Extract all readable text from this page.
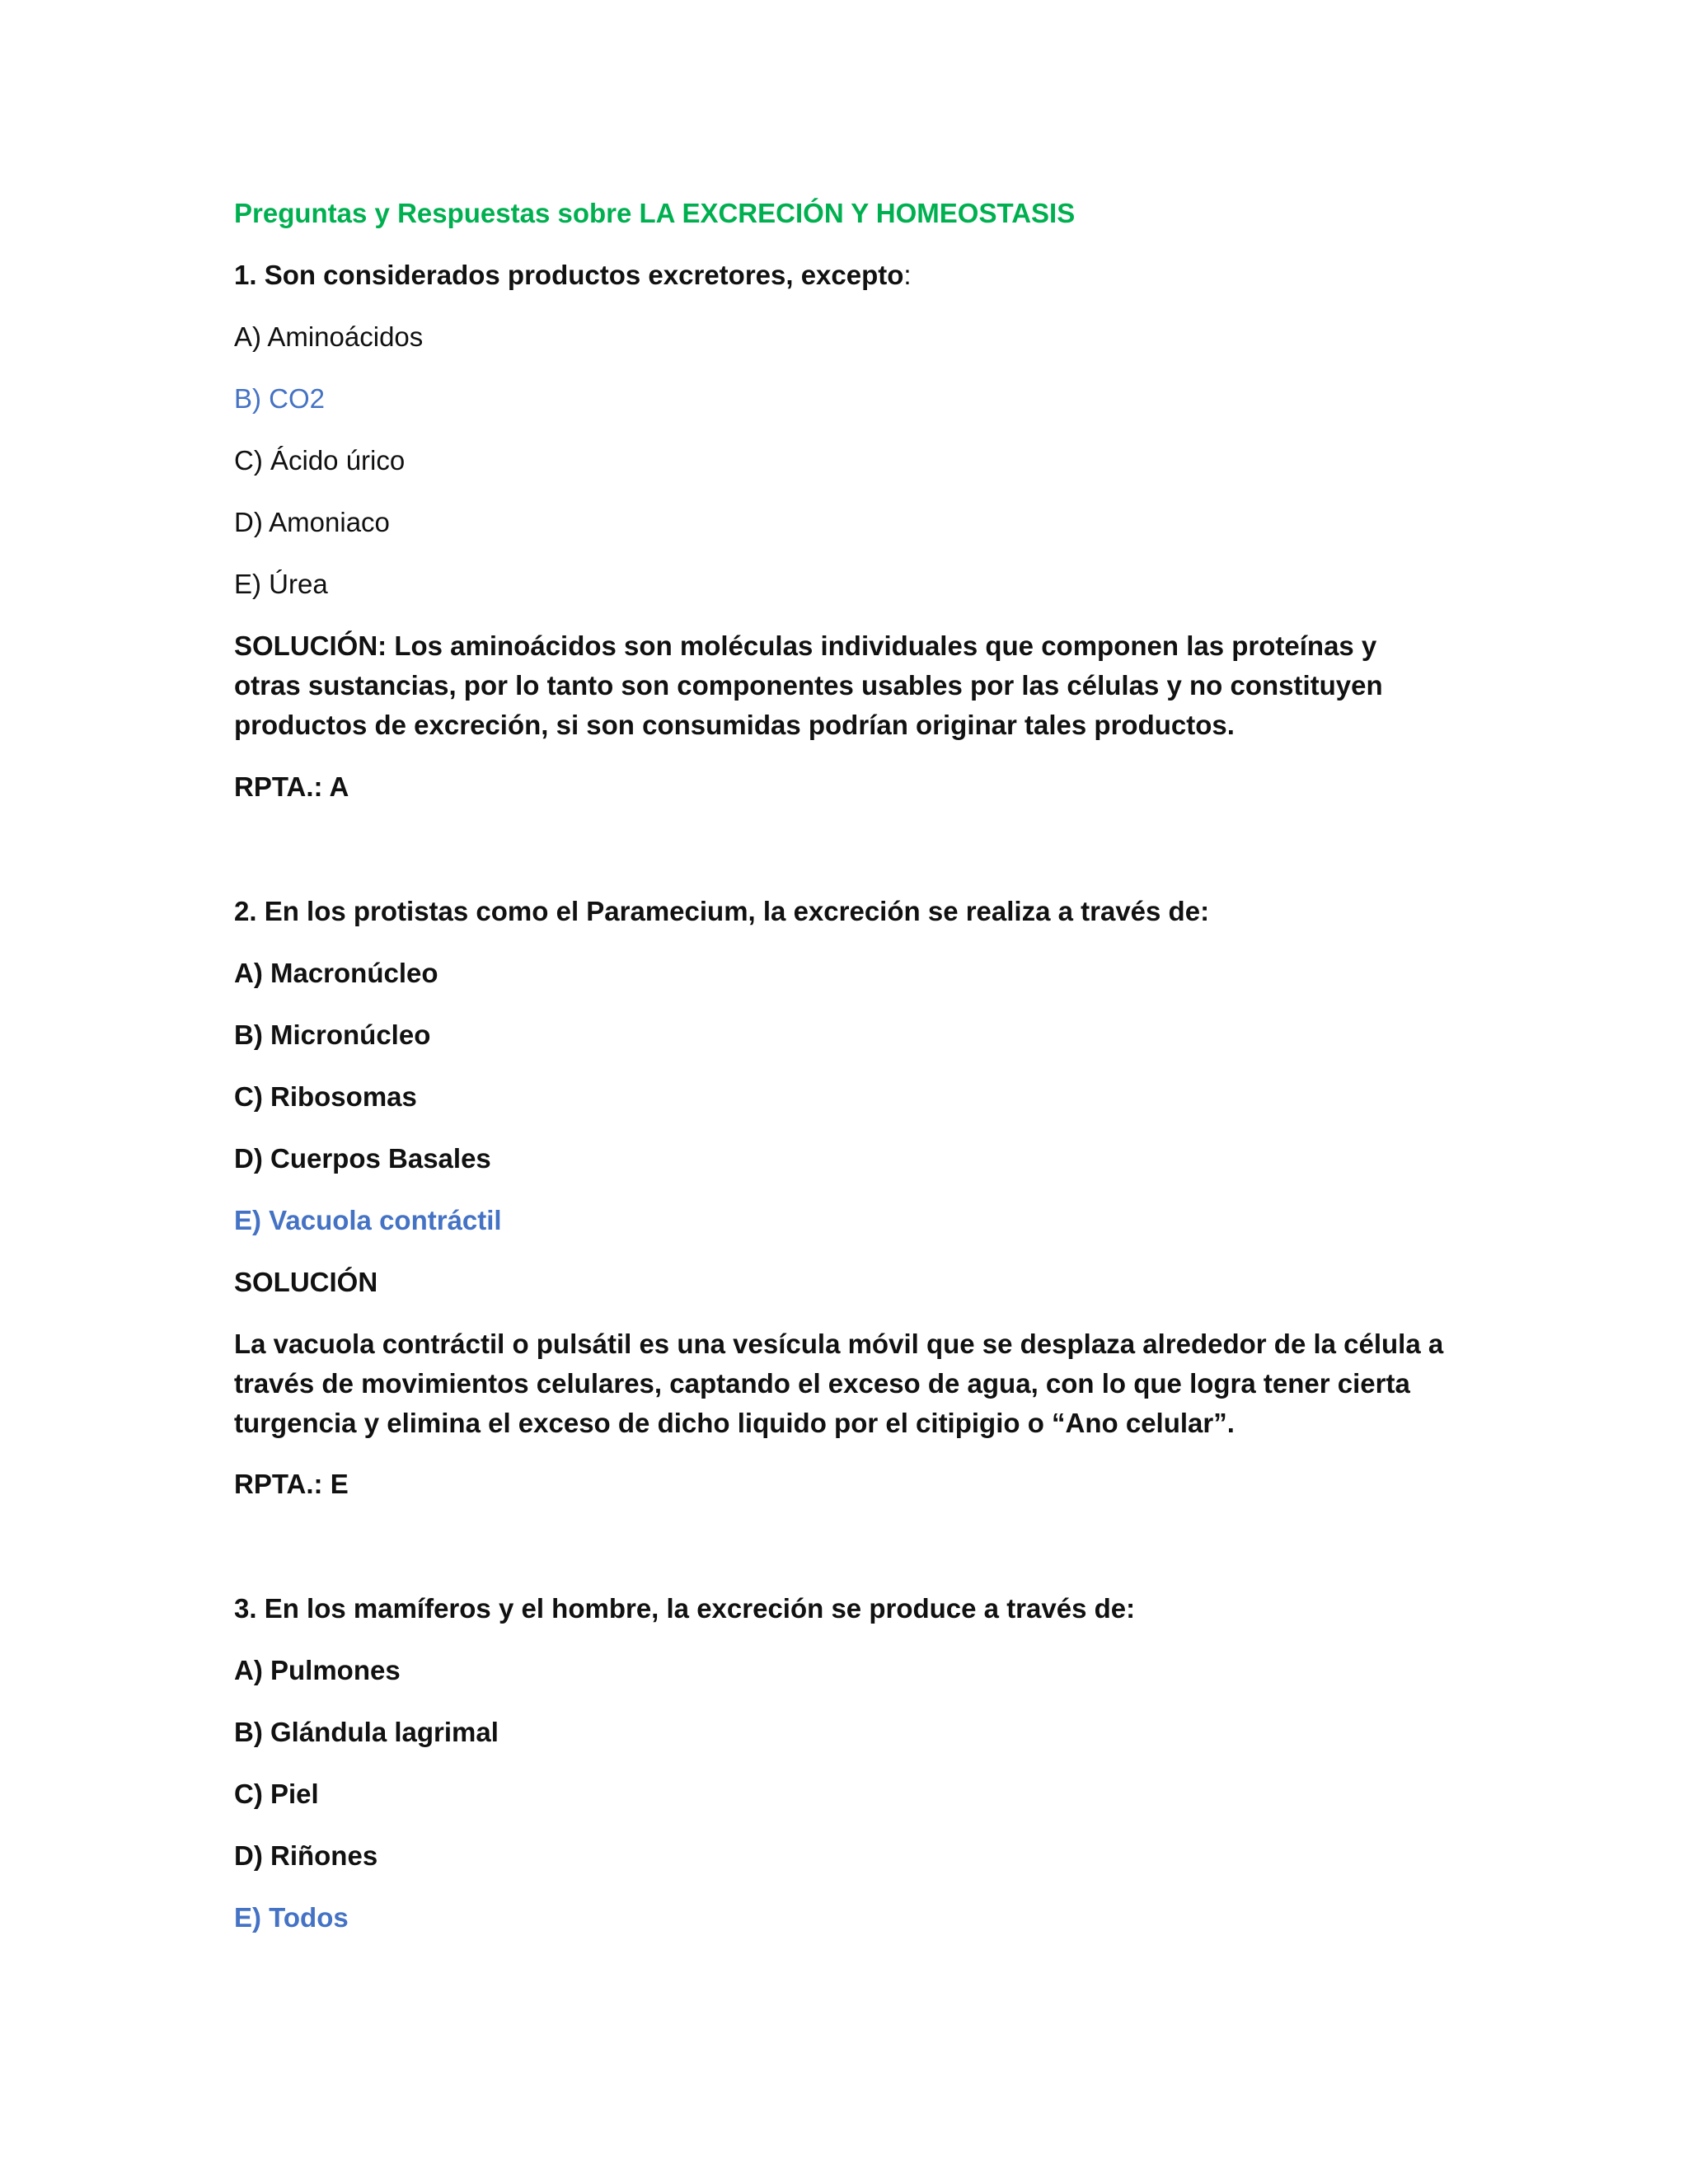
Preguntas y Respuestas sobre LA EXCRECIÓN Y HOMEOSTASIS

1. Son considerados productos excretores, excepto:

A) Aminoácidos

B) CO2

C) Ácido úrico

D) Amoniaco

E) Úrea

SOLUCIÓN: Los aminoácidos son moléculas individuales que componen las proteínas y otras sustancias, por lo tanto son componentes usables por las células y no constituyen productos de excreción, si son consumidas podrían originar tales productos.

RPTA.: A

2. En los protistas como el Paramecium, la excreción se realiza a través de:

A) Macronúcleo

B) Micronúcleo

C) Ribosomas

D) Cuerpos Basales

E) Vacuola contráctil

SOLUCIÓN

La vacuola contráctil o pulsátil es una vesícula móvil que se desplaza alrededor de la célula a través de movimientos celulares, captando el exceso de agua, con lo que logra tener cierta turgencia y elimina el exceso de dicho liquido por el citipigio o “Ano celular”.

RPTA.: E

3. En los mamíferos y el hombre, la excreción se produce a través de:

A) Pulmones

B) Glándula lagrimal

C) Piel

D) Riñones

E) Todos
